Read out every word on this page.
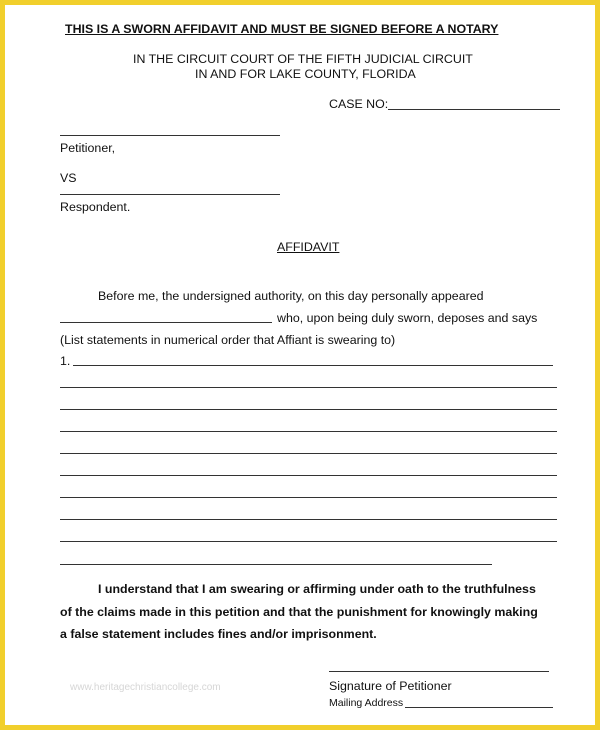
THIS IS A SWORN AFFIDAVIT AND MUST BE SIGNED BEFORE A NOTARY
IN THE CIRCUIT COURT OF THE FIFTH JUDICIAL CIRCUIT
IN AND FOR LAKE COUNTY, FLORIDA
CASE NO:
Petitioner,
VS
Respondent.
AFFIDAVIT
Before me, the undersigned authority, on this day personally appeared
who, upon being duly sworn, deposes and says
(List statements in numerical order that Affiant is swearing to)
1.
I understand that I am swearing or affirming under oath to the truthfulness
of the claims made in this petition and that the punishment for knowingly making
a false statement includes fines and/or imprisonment.
www.heritagechristiancollege.com	Signature of Petitioner
Mailing Address
